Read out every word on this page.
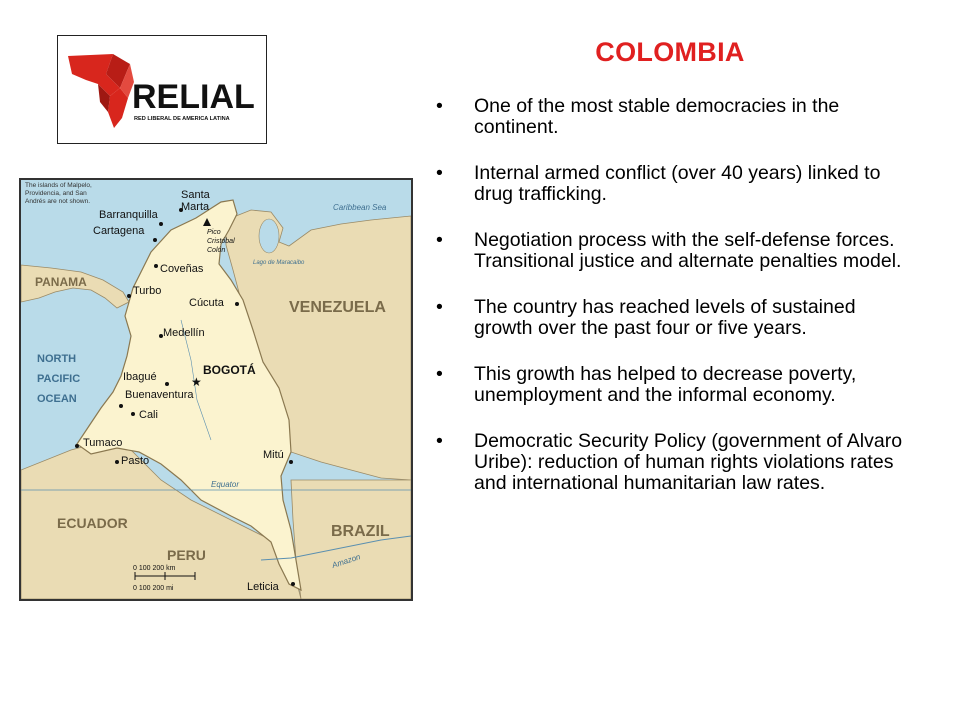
RELIAL
RED LIBERAL DE AMERICA LATINA
COLOMBIA
• One of the most stable democracies in the continent.
• Internal armed conflict (over 40 years) linked to drug trafficking.
• Negotiation process with the self-defense forces. Transitional justice and alternate penalties model.
• The country has reached levels of sustained growth over the past four or five years.
• This growth has helped to decrease poverty, unemployment and the informal economy.
• Democratic Security Policy (government of Alvaro Uribe): reduction of human rights violations rates and international humanitarian law rates.
Equator
Caribbean Sea
Lago de Maracaibo
NORTH
PACIFIC
OCEAN
Amazon
PANAMA
VENEZUELA
ECUADOR
PERU
BRAZIL
The islands of Malpelo, Providencia, and San Andrés are not shown.
★
Santa
Marta
Barranquilla
Cartagena	Pico
Cristóbal
Colón
Coveñas
Turbo
Cúcuta
Medellín
BOGOTÁ
Ibagué
Buenaventura
Cali
Tumaco
Pasto	Mitú
Leticia
0 100 200 km
0 100 200 mi
